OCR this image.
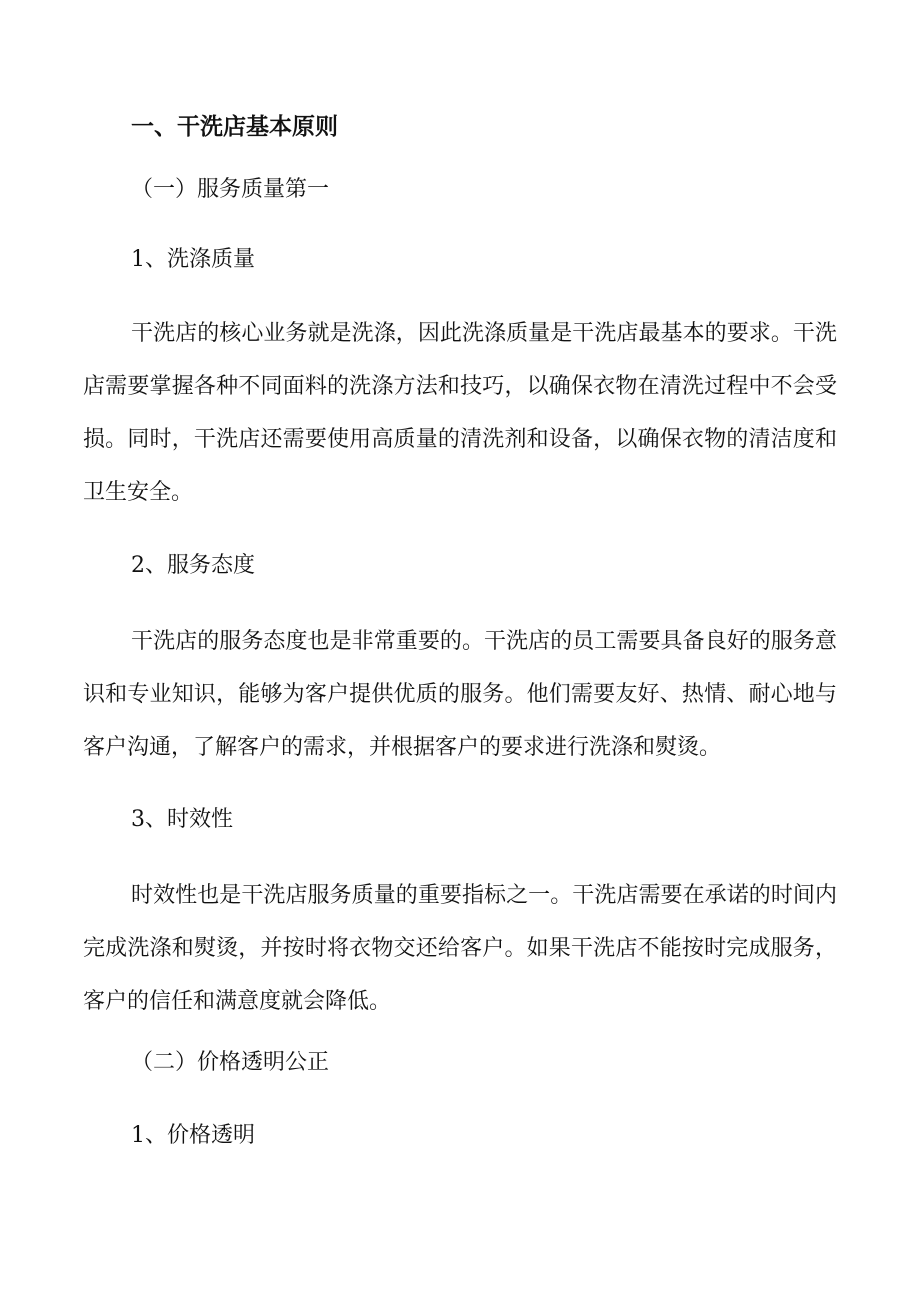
一、干洗店基本原则
（一）服务质量第一
1、洗涤质量
干洗店的核心业务就是洗涤，因此洗涤质量是干洗店最基本的要求。干洗店需要掌握各种不同面料的洗涤方法和技巧，以确保衣物在清洗过程中不会受损。同时，干洗店还需要使用高质量的清洗剂和设备，以确保衣物的清洁度和卫生安全。
2、服务态度
干洗店的服务态度也是非常重要的。干洗店的员工需要具备良好的服务意识和专业知识，能够为客户提供优质的服务。他们需要友好、热情、耐心地与客户沟通，了解客户的需求，并根据客户的要求进行洗涤和熨烫。
3、时效性
时效性也是干洗店服务质量的重要指标之一。干洗店需要在承诺的时间内完成洗涤和熨烫，并按时将衣物交还给客户。如果干洗店不能按时完成服务，客户的信任和满意度就会降低。
（二）价格透明公正
1、价格透明
